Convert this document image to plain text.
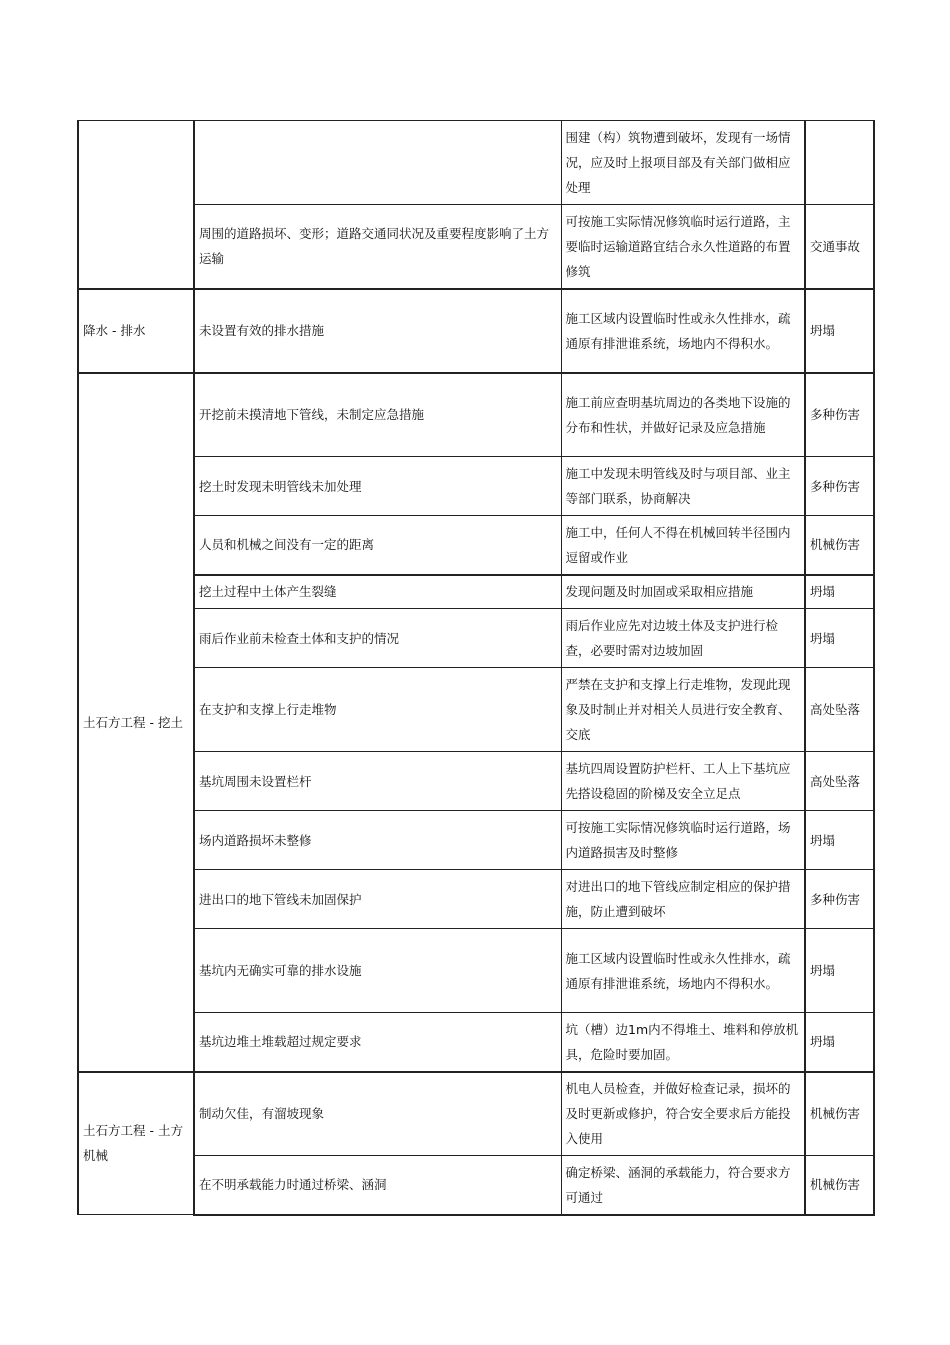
		围建（构）筑物遭到破坏，发现有一场情况，应及时上报项目部及有关部门做相应处理	
	周围的道路损坏、变形；道路交通同状况及重要程度影响了土方运输	可按施工实际情况修筑临时运行道路，主要临时运输道路宜结合永久性道路的布置修筑	交通事故
降水 - 排水	未设置有效的排水措施	施工区域内设置临时性或永久性排水，疏通原有排泄谁系统，场地内不得积水。	坍塌
土石方工程 - 挖土	开挖前未摸清地下管线，未制定应急措施	施工前应查明基坑周边的各类地下设施的分布和性状，并做好记录及应急措施	多种伤害
	挖土时发现未明管线未加处理	施工中发现未明管线及时与项目部、业主等部门联系，协商解决	多种伤害
	人员和机械之间没有一定的距离	施工中，任何人不得在机械回转半径围内逗留或作业	机械伤害
	挖土过程中土体产生裂缝	发现问题及时加固或采取相应措施	坍塌
	雨后作业前未检查土体和支护的情况	雨后作业应先对边坡土体及支护进行检查，必要时需对边坡加固	坍塌
	在支护和支撑上行走堆物	严禁在支护和支撑上行走堆物，发现此现象及时制止并对相关人员进行安全教育、交底	高处坠落
	基坑周围未设置栏杆	基坑四周设置防护栏杆、工人上下基坑应先搭设稳固的阶梯及安全立足点	高处坠落
	场内道路损坏未整修	可按施工实际情况修筑临时运行道路，场内道路损害及时整修	坍塌
	进出口的地下管线未加固保护	对进出口的地下管线应制定相应的保护措施，防止遭到破坏	多种伤害
	基坑内无确实可靠的排水设施	施工区域内设置临时性或永久性排水，疏通原有排泄谁系统，场地内不得积水。	坍塌
	基坑边堆土堆载超过规定要求	坑（槽）边1m内不得堆土、堆料和停放机具，危险时要加固。	坍塌
土石方工程 - 土方机械	制动欠佳，有溜坡现象	机电人员检查，并做好检查记录，损坏的及时更新或修护，符合安全要求后方能投入使用	机械伤害
	在不明承载能力时通过桥梁、涵洞	确定桥梁、涵洞的承载能力，符合要求方可通过	机械伤害
